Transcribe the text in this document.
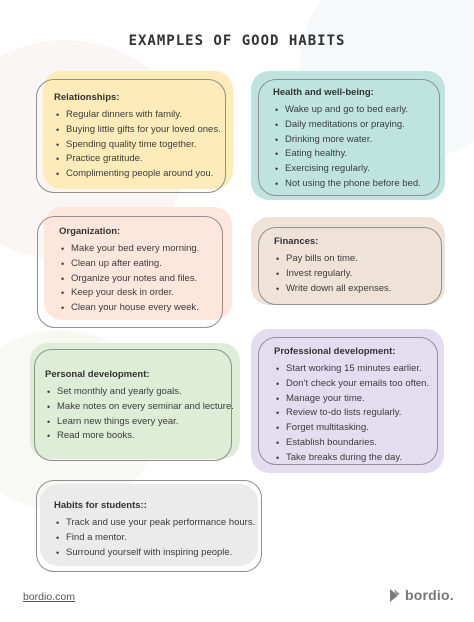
EXAMPLES OF GOOD HABITS
Relationships:
• Regular dinners with family.
• Buying little gifts for your loved ones.
• Spending quality time together.
• Practice gratitude.
• Complimenting people around you.
Health and well-being:
• Wake up and go to bed early.
• Daily meditations or praying.
• Drinking more water.
• Eating healthy.
• Exercising regularly.
• Not using the phone before bed.
Organization:
• Make your bed every morning.
• Clean up after eating.
• Organize your notes and files.
• Keep your desk in order.
• Clean your house every week.
Finances:
• Pay bills on time.
• Invest regularly.
• Write down all expenses.
Personal development:
• Set monthly and yearly goals.
• Make notes on every seminar and lecture.
• Learn new things every year.
• Read more books.
Professional development:
• Start working 15 minutes earlier.
• Don’t check your emails too often.
• Manage your time.
• Review to-do lists regularly.
• Forget multitasking.
• Establish boundaries.
• Take breaks during the day.
Habits for students::
• Track and use your peak performance hours.
• Find a mentor.
• Surround yourself with inspiring people.
bordio.com	bordio.
